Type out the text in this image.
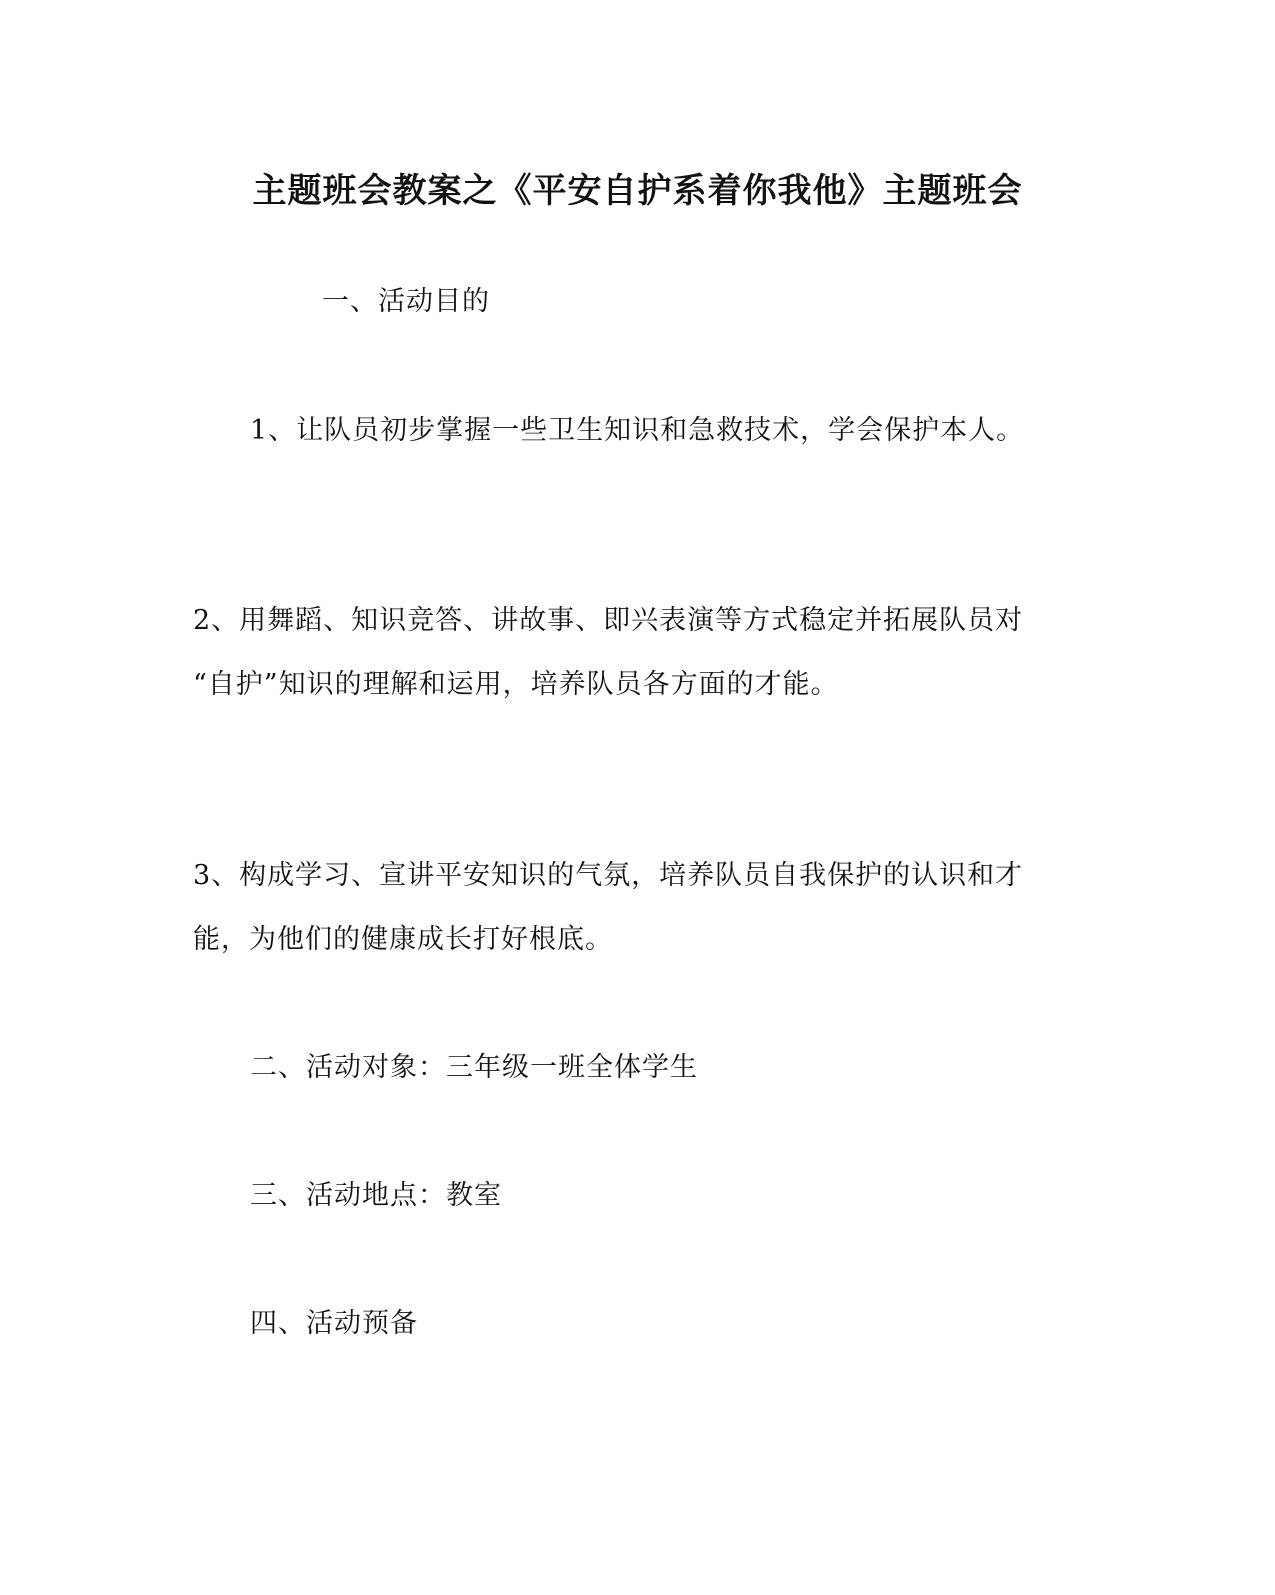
主题班会教案之《平安自护系着你我他》主题班会

一、活动目的

1、让队员初步掌握一些卫生知识和急救技术，学会保护本人。

2、用舞蹈、知识竞答、讲故事、即兴表演等方式稳定并拓展队员对

“自护”知识的理解和运用，培养队员各方面的才能。

3、构成学习、宣讲平安知识的气氛，培养队员自我保护的认识和才

能，为他们的健康成长打好根底。

二、活动对象：三年级一班全体学生

三、活动地点：教室

四、活动预备
